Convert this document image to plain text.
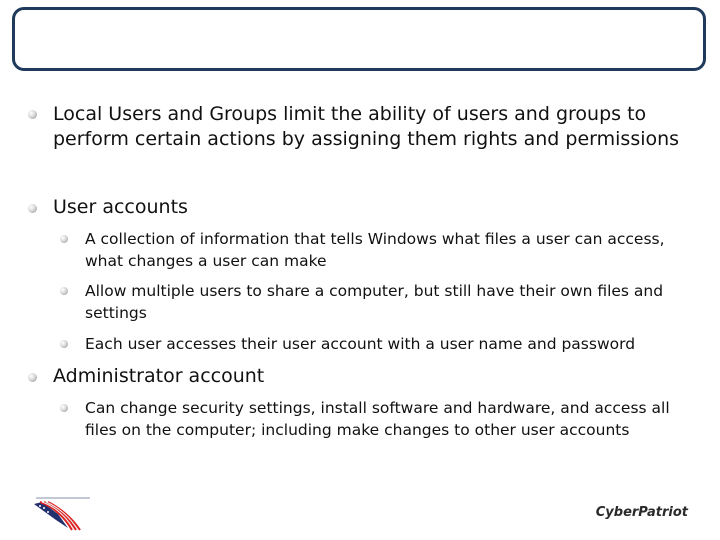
Local Users and Groups limit the ability of users and groups to perform certain actions by assigning them rights and permissions
User accounts
A collection of information that tells Windows what files a user can access, what changes a user can make
Allow multiple users to share a computer, but still have their own files and settings
Each user accesses their user account with a user name and password
Administrator account
Can change security settings, install software and hardware, and access all files on the computer; including make changes to other user accounts
CyberPatriot
